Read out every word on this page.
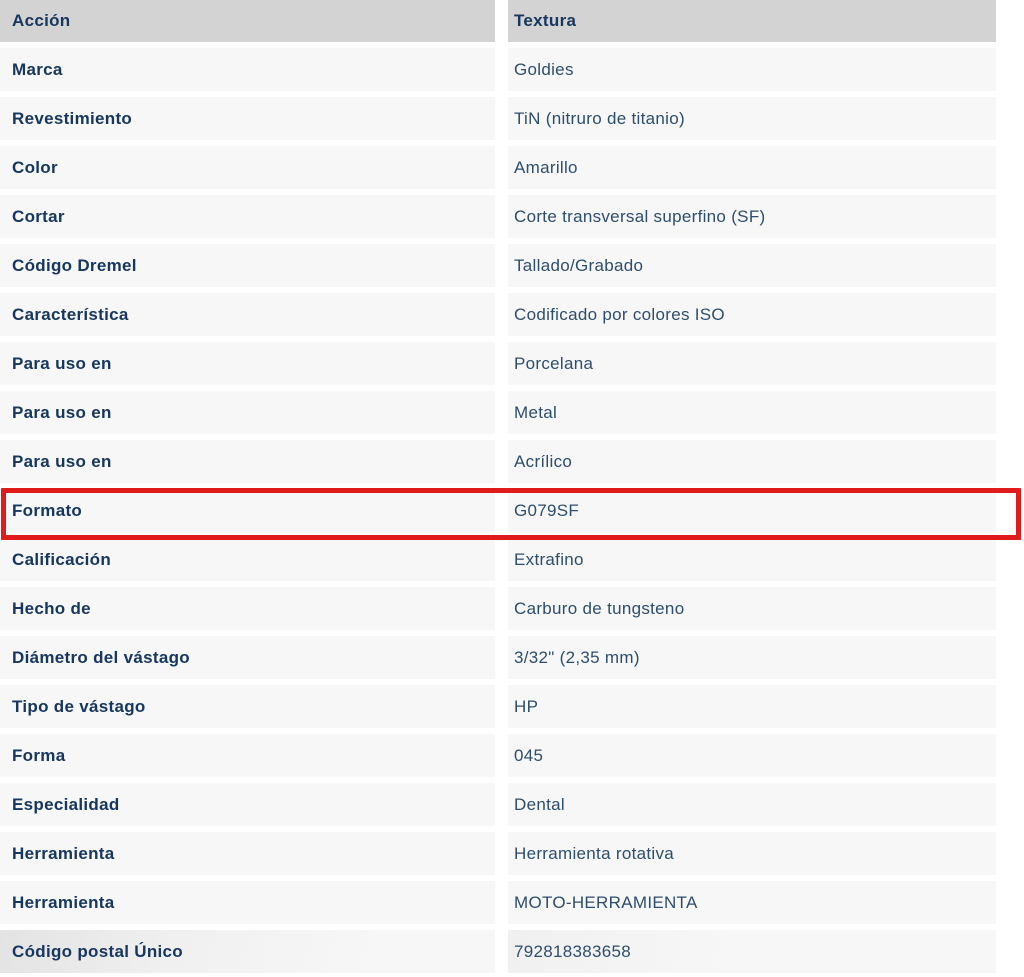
Acción	Textura
Marca	Goldies
Revestimiento	TiN (nitruro de titanio)
Color	Amarillo
Cortar	Corte transversal superfino (SF)
Código Dremel	Tallado/Grabado
Característica	Codificado por colores ISO
Para uso en	Porcelana
Para uso en	Metal
Para uso en	Acrílico
Formato	G079SF
Calificación	Extrafino
Hecho de	Carburo de tungsteno
Diámetro del vástago	3/32" (2,35 mm)
Tipo de vástago	HP
Forma	045
Especialidad	Dental
Herramienta	Herramienta rotativa
Herramienta	MOTO-HERRAMIENTA
Código postal Único	792818383658
